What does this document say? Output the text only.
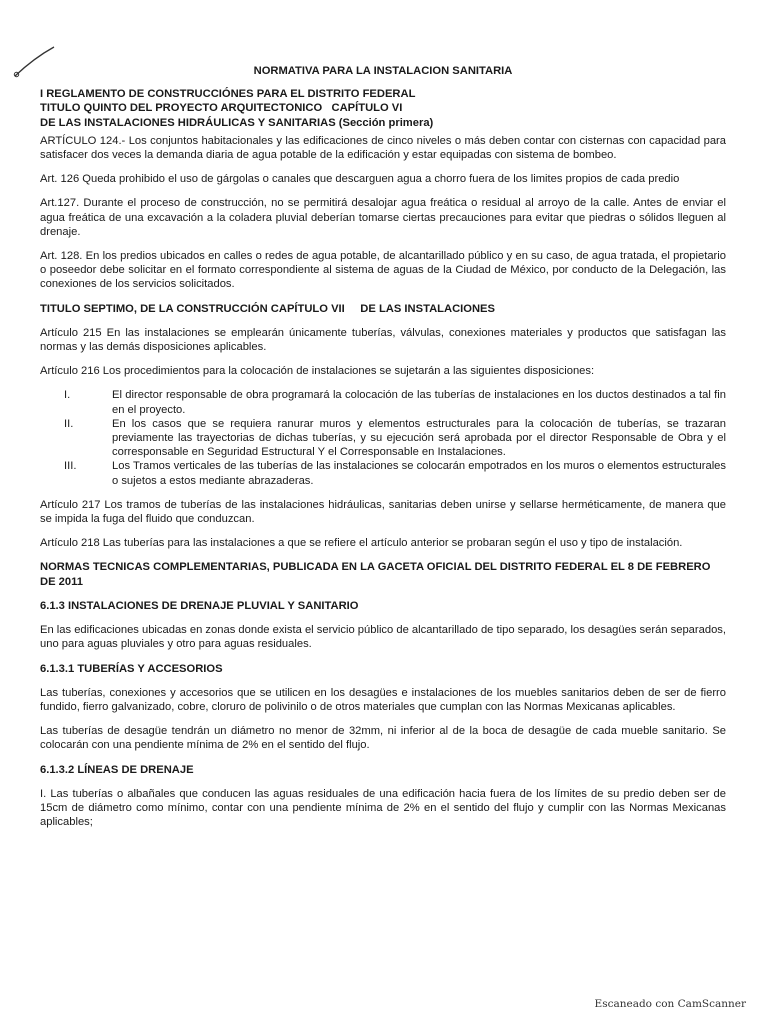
NORMATIVA PARA LA INSTALACION SANITARIA
I REGLAMENTO DE CONSTRUCCIÓNES PARA EL DISTRITO FEDERAL
TITULO QUINTO DEL PROYECTO ARQUITECTONICO   CAPÍTULO VI
DE LAS INSTALACIONES HIDRÁULICAS Y SANITARIAS (Sección primera)

ARTÍCULO 124.- Los conjuntos habitacionales y las edificaciones de cinco niveles o más deben contar con cisternas con capacidad para satisfacer dos veces la demanda diaria de agua potable de la edificación y estar equipadas con sistema de bombeo.

Art. 126 Queda prohibido el uso de gárgolas o canales que descarguen agua a chorro fuera de los limites propios de cada predio

Art.127. Durante el proceso de construcción, no se permitirá desalojar agua freática o residual al arroyo de la calle. Antes de enviar el agua freática de una excavación a la coladera pluvial deberían tomarse ciertas precauciones para evitar que piedras o sólidos lleguen al drenaje.

Art. 128. En los predios ubicados en calles o redes de agua potable, de alcantarillado público y en su caso, de agua tratada, el propietario o poseedor debe solicitar en el formato correspondiente al sistema de aguas de la Ciudad de México, por conducto de la Delegación, las conexiones de los servicios solicitados.

TITULO SEPTIMO, DE LA CONSTRUCCIÓN CAPÍTULO VII     DE LAS INSTALACIONES

Artículo 215 En las instalaciones se emplearán únicamente tuberías, válvulas, conexiones materiales y productos que satisfagan las normas y las demás disposiciones aplicables.

Artículo 216 Los procedimientos para la colocación de instalaciones se sujetarán a las siguientes disposiciones:

I.	El director responsable de obra programará la colocación de las tuberías de instalaciones en los ductos destinados a tal fin en el proyecto.
II.	En los casos que se requiera ranurar muros y elementos estructurales para la colocación de tuberías, se trazaran previamente las trayectorias de dichas tuberías, y su ejecución será aprobada por el director Responsable de Obra y el corresponsable en Seguridad Estructural Y el Corresponsable en Instalaciones.
III.	Los Tramos verticales de las tuberías de las instalaciones se colocarán empotrados en los muros o elementos estructurales o sujetos a estos mediante abrazaderas.

Artículo 217 Los tramos de tuberías de las instalaciones hidráulicas, sanitarias deben unirse y sellarse herméticamente, de manera que se impida la fuga del fluido que conduzcan.

Artículo 218 Las tuberías para las instalaciones a que se refiere el artículo anterior se probaran según el uso y tipo de instalación.

NORMAS TECNICAS COMPLEMENTARIAS, PUBLICADA EN LA GACETA OFICIAL DEL DISTRITO FEDERAL EL 8 DE FEBRERO DE 2011
6.1.3 INSTALACIONES DE DRENAJE PLUVIAL Y SANITARIO

En las edificaciones ubicadas en zonas donde exista el servicio público de alcantarillado de tipo separado, los desagües serán separados, uno para aguas pluviales y otro para aguas residuales.

6.1.3.1 TUBERÍAS Y ACCESORIOS

Las tuberías, conexiones y accesorios que se utilicen en los desagües e instalaciones de los muebles sanitarios deben de ser de fierro fundido, fierro galvanizado, cobre, cloruro de polivinilo o de otros materiales que cumplan con las Normas Mexicanas aplicables.

Las tuberías de desagüe tendrán un diámetro no menor de 32mm, ni inferior al de la boca de desagüe de cada mueble sanitario. Se colocarán con una pendiente mínima de 2% en el sentido del flujo.

6.1.3.2 LÍNEAS DE DRENAJE

I. Las tuberías o albañales que conducen las aguas residuales de una edificación hacia fuera de los límites de su predio deben ser de 15cm de diámetro como mínimo, contar con una pendiente mínima de 2% en el sentido del flujo y cumplir con las Normas Mexicanas aplicables;

Escaneado con CamScanner
